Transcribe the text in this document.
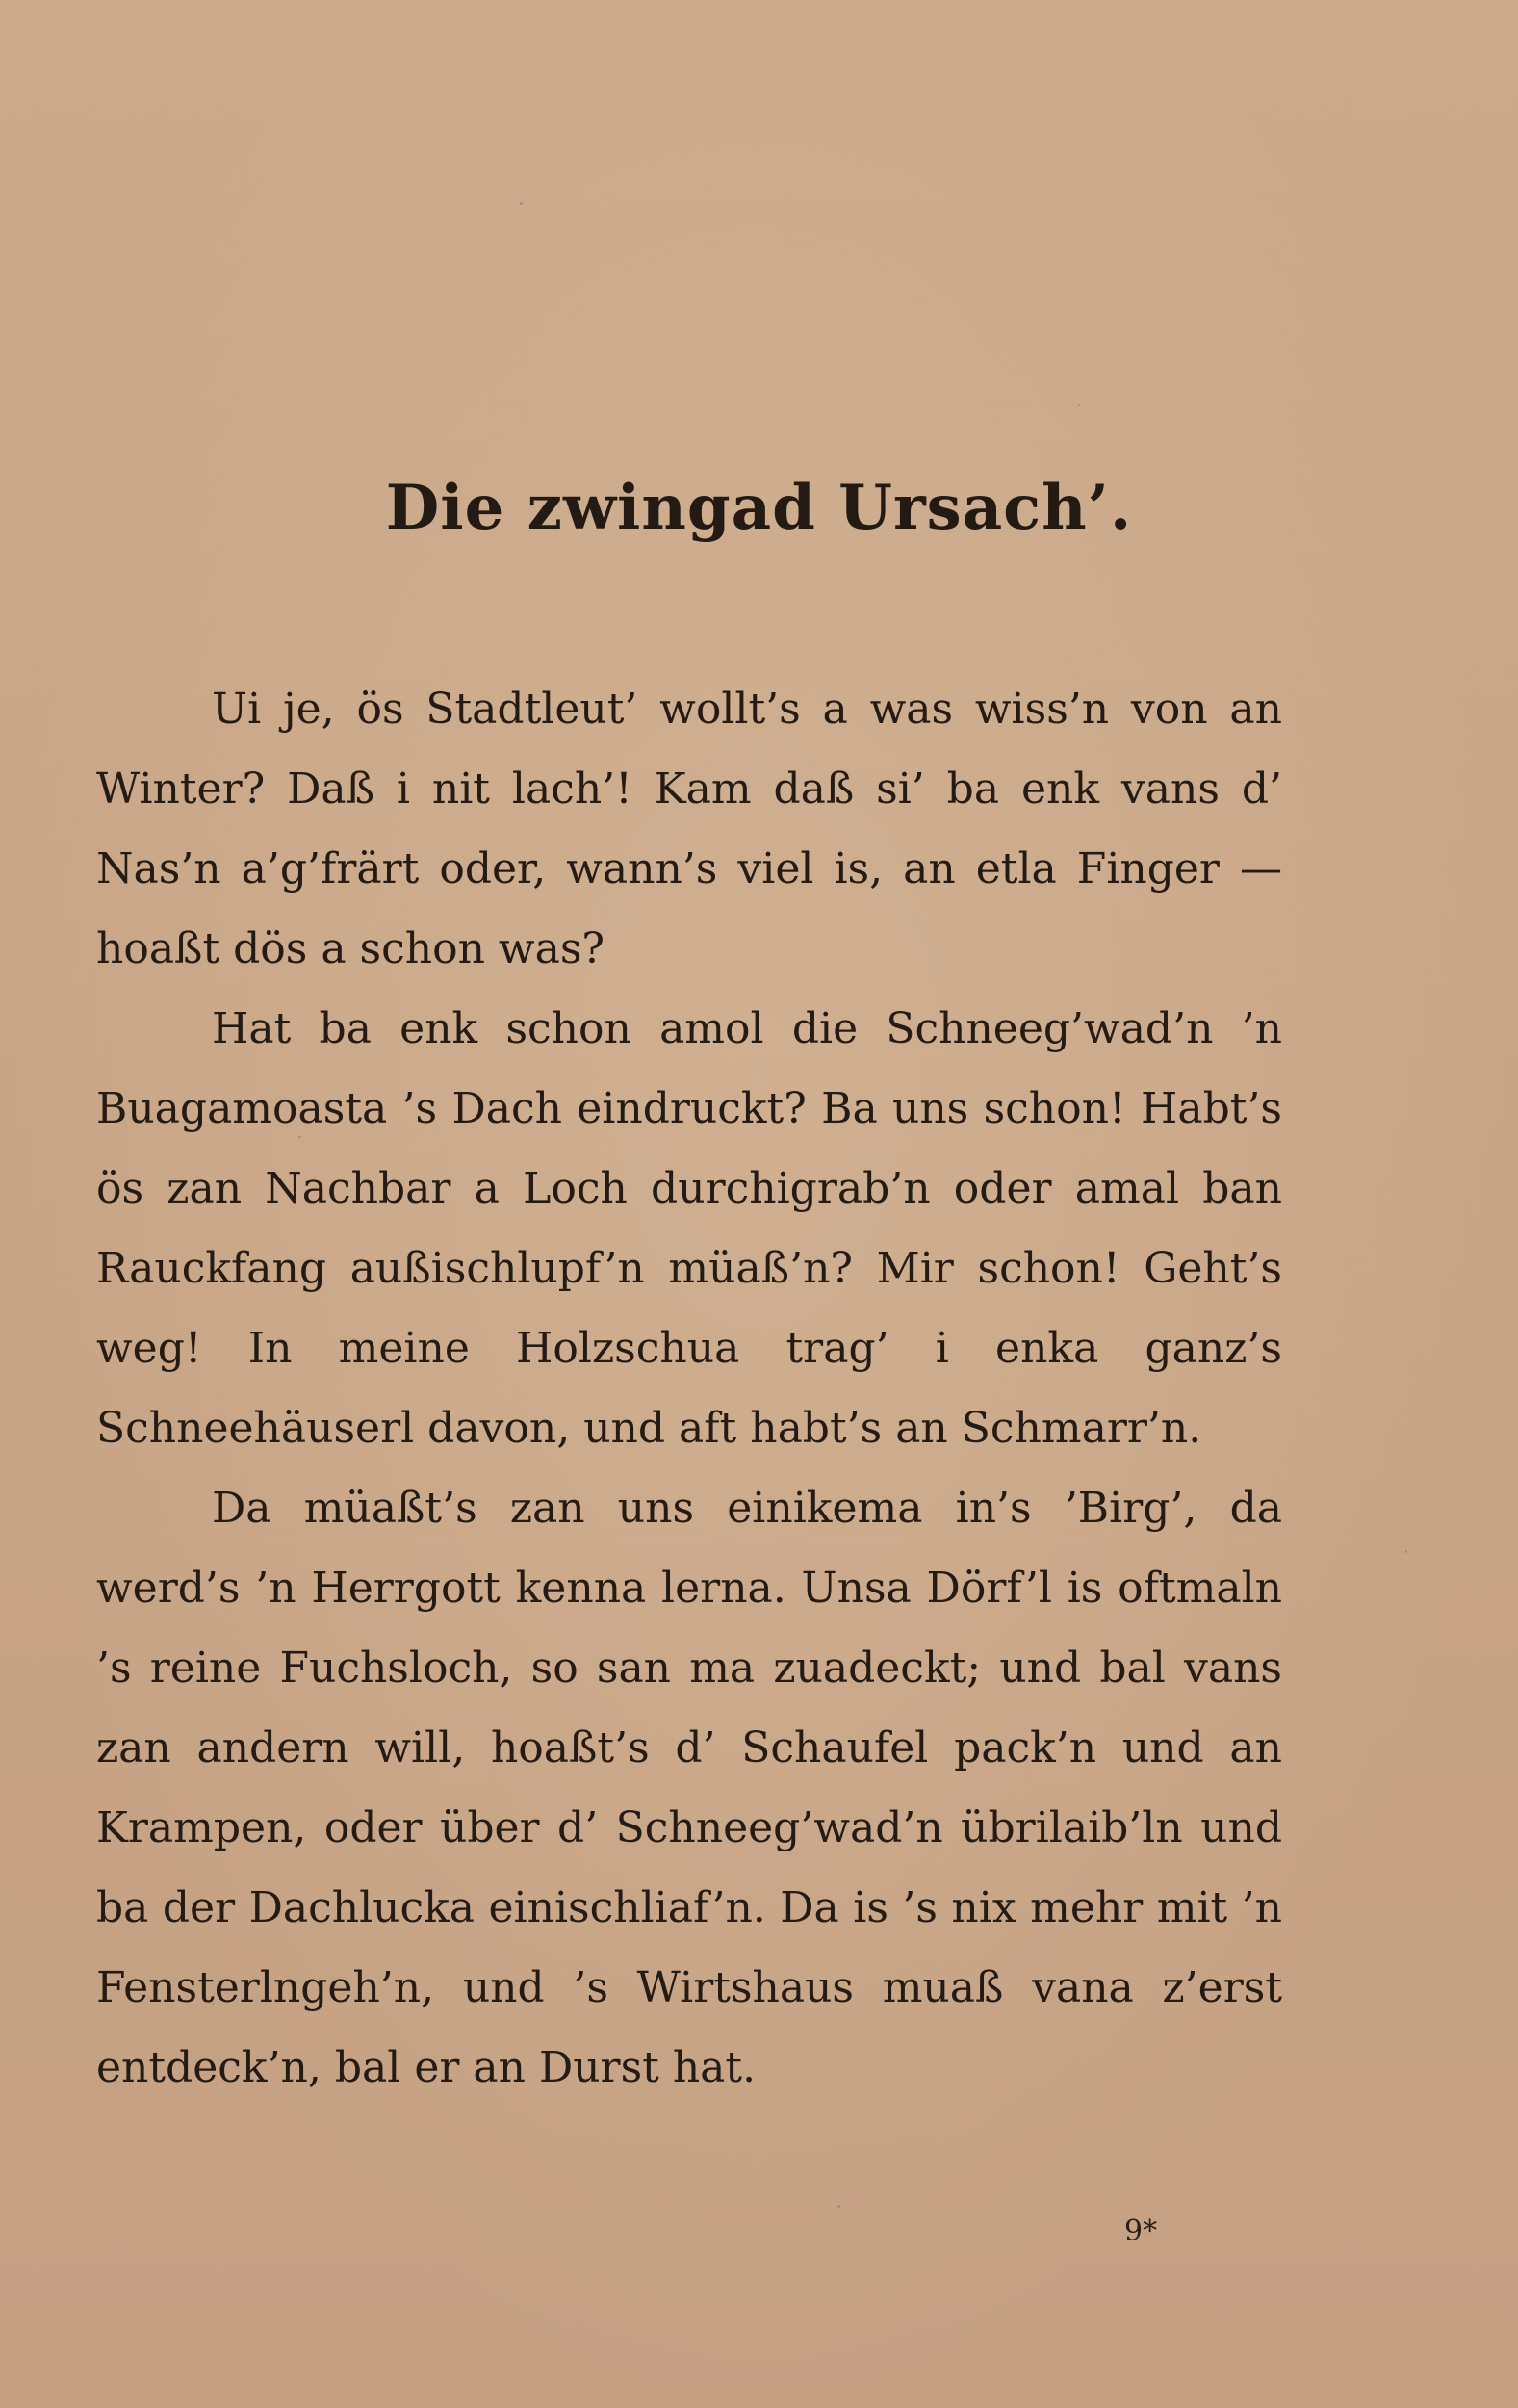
Die zwingad Ursach’.

Ui je, ös Stadtleut’ wollt’s a was wiss’n von an Winter? Daß i nit lach’! Kam daß si’ ba enk vans d’ Nas’n a’g’frärt oder, wann’s viel is, an etla Finger — hoaßt dös a schon was?

Hat ba enk schon amol die Schneeg’wad’n ’n Buagamoasta ’s Dach eindruckt? Ba uns schon! Habt’s ös zan Nachbar a Loch durchigrab’n oder amal ban Rauckfang außischlupf’n müaß’n? Mir schon! Geht’s weg! In meine Holzschua trag’ i enka ganz’s Schneehäuserl davon, und aft habt’s an Schmarr’n.

Da müaßt’s zan uns einikema in’s ’Birg’, da werd’s ’n Herrgott kenna lerna. Unsa Dörf’l is oftmaln ’s reine Fuchsloch, so san ma zuadeckt; und bal vans zan andern will, hoaßt’s d’ Schaufel pack’n und an Krampen, oder über d’ Schneeg’wad’n übrilaib’ln und ba der Dachlucka einischliaf’n. Da is ’s nix mehr mit ’n Fensterlngeh’n, und ’s Wirtshaus muaß vana z’erst entdeck’n, bal er an Durst hat.

9*
